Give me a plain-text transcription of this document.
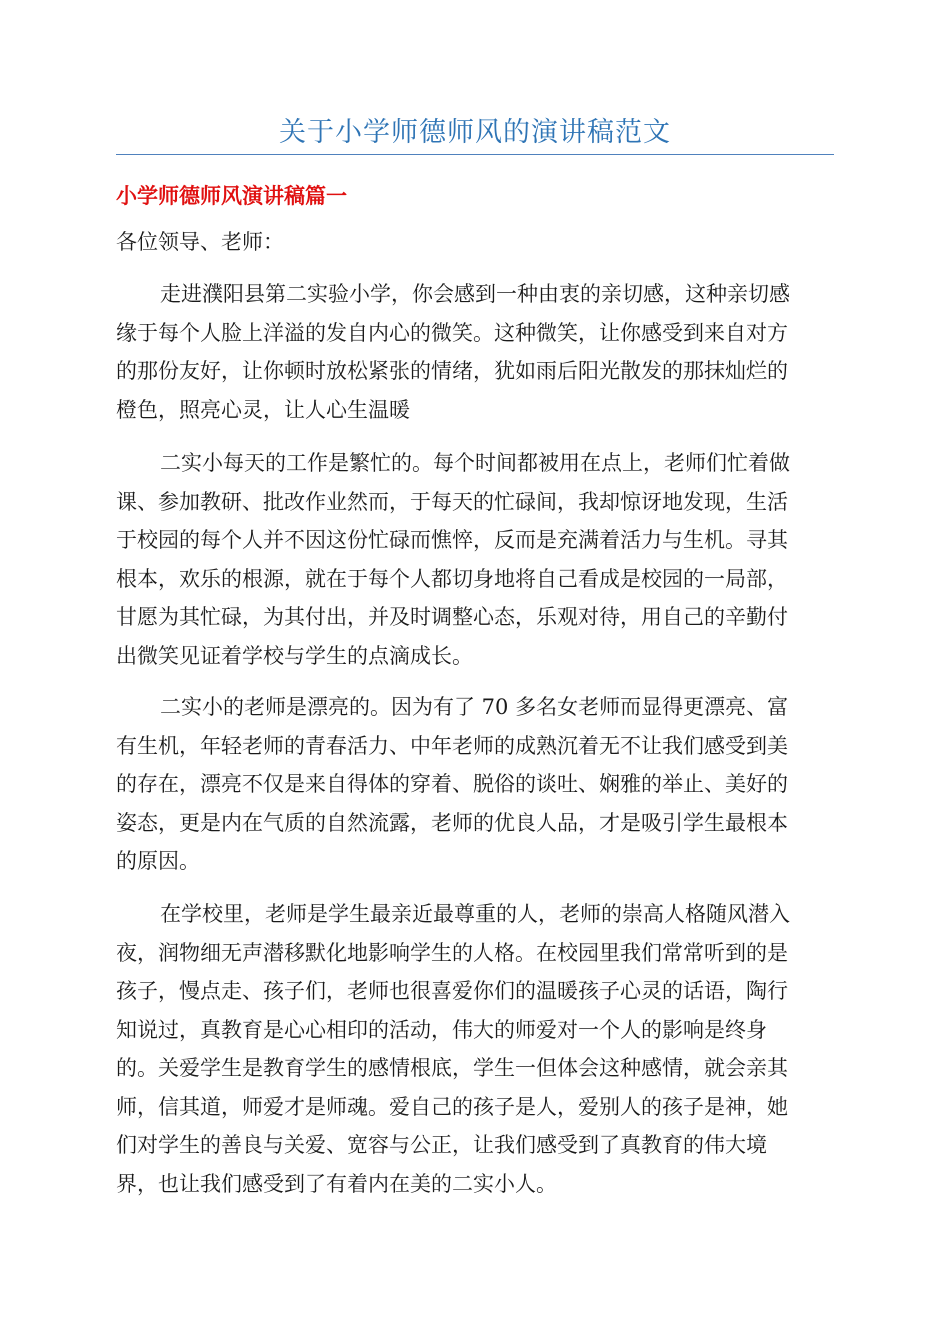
关于小学师德师风的演讲稿范文
小学师德师风演讲稿篇一

各位领导、老师：

走进濮阳县第二实验小学，你会感到一种由衷的亲切感，这种亲切感
缘于每个人脸上洋溢的发自内心的微笑。这种微笑，让你感受到来自对方
的那份友好，让你顿时放松紧张的情绪，犹如雨后阳光散发的那抹灿烂的
橙色，照亮心灵，让人心生温暖
二实小每天的工作是繁忙的。每个时间都被用在点上，老师们忙着做
课、参加教研、批改作业然而，于每天的忙碌间，我却惊讶地发现，生活
于校园的每个人并不因这份忙碌而憔悴，反而是充满着活力与生机。寻其
根本，欢乐的根源，就在于每个人都切身地将自己看成是校园的一局部，
甘愿为其忙碌，为其付出，并及时调整心态，乐观对待，用自己的辛勤付
出微笑见证着学校与学生的点滴成长。
二实小的老师是漂亮的。因为有了 70 多名女老师而显得更漂亮、富
有生机，年轻老师的青春活力、中年老师的成熟沉着无不让我们感受到美
的存在，漂亮不仅是来自得体的穿着、脱俗的谈吐、娴雅的举止、美好的
姿态，更是内在气质的自然流露，老师的优良人品，才是吸引学生最根本
的原因。
在学校里，老师是学生最亲近最尊重的人，老师的崇高人格随风潜入
夜，润物细无声潜移默化地影响学生的人格。在校园里我们常常听到的是
孩子，慢点走、孩子们，老师也很喜爱你们的温暖孩子心灵的话语，陶行
知说过，真教育是心心相印的活动，伟大的师爱对一个人的影响是终身
的。关爱学生是教育学生的感情根底，学生一但体会这种感情，就会亲其
师，信其道，师爱才是师魂。爱自己的孩子是人，爱别人的孩子是神，她
们对学生的善良与关爱、宽容与公正，让我们感受到了真教育的伟大境
界，也让我们感受到了有着内在美的二实小人。
